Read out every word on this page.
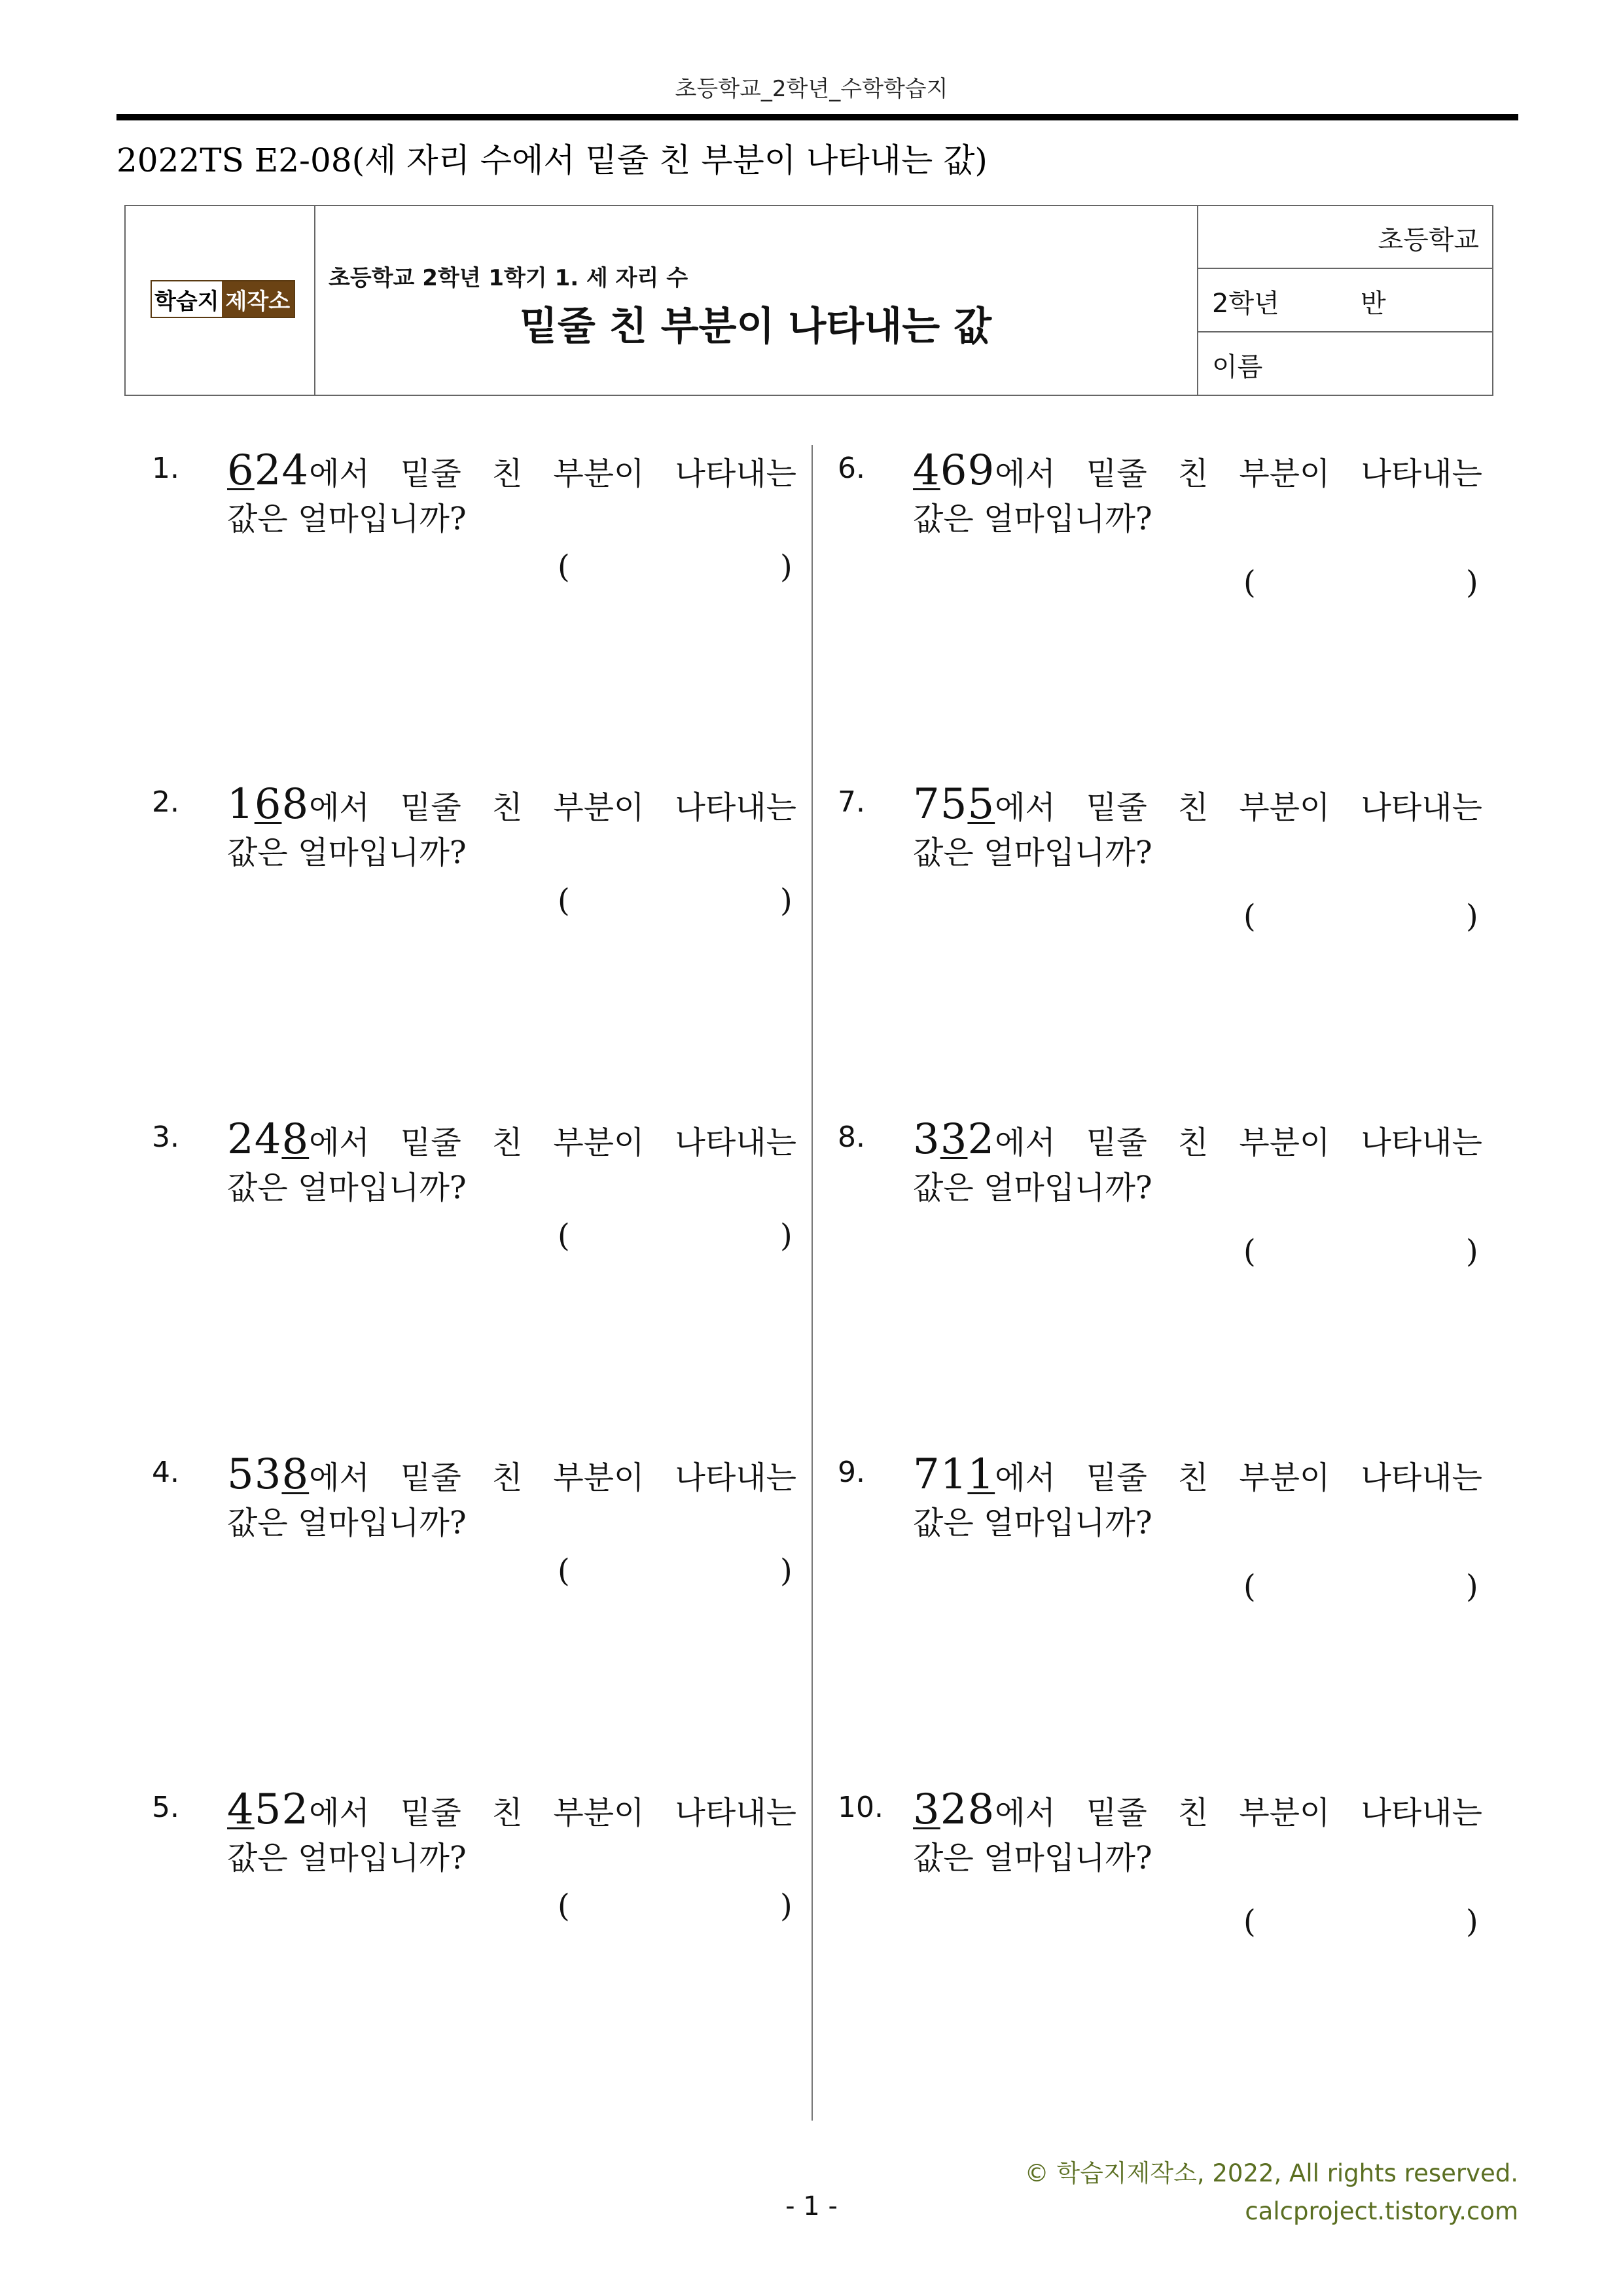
초등학교_2학년_수학학습지
2022TS E2-08(세 자리 수에서 밑줄 친 부분이 나타내는 값)
학습지 제작소
초등학교 2학년 1학기 1. 세 자리 수
밑줄 친 부분이 나타내는 값
초등학교
2학년	반
이름
1. 624에서 밑줄 친 부분이 나타내는
값은 얼마입니까?
(	)
2. 168에서 밑줄 친 부분이 나타내는
값은 얼마입니까?
(	)
3. 248에서 밑줄 친 부분이 나타내는
값은 얼마입니까?
(	)
4. 538에서 밑줄 친 부분이 나타내는
값은 얼마입니까?
(	)
5. 452에서 밑줄 친 부분이 나타내는
값은 얼마입니까?
(	)
6. 469에서 밑줄 친 부분이 나타내는
값은 얼마입니까?
(	)
7. 755에서 밑줄 친 부분이 나타내는
값은 얼마입니까?
(	)
8. 332에서 밑줄 친 부분이 나타내는
값은 얼마입니까?
(	)
9. 711에서 밑줄 친 부분이 나타내는
값은 얼마입니까?
(	)
10. 328에서 밑줄 친 부분이 나타내는
값은 얼마입니까?
(	)
© 학습지제작소, 2022, All rights reserved.
calcproject.tistory.com
- 1 -
